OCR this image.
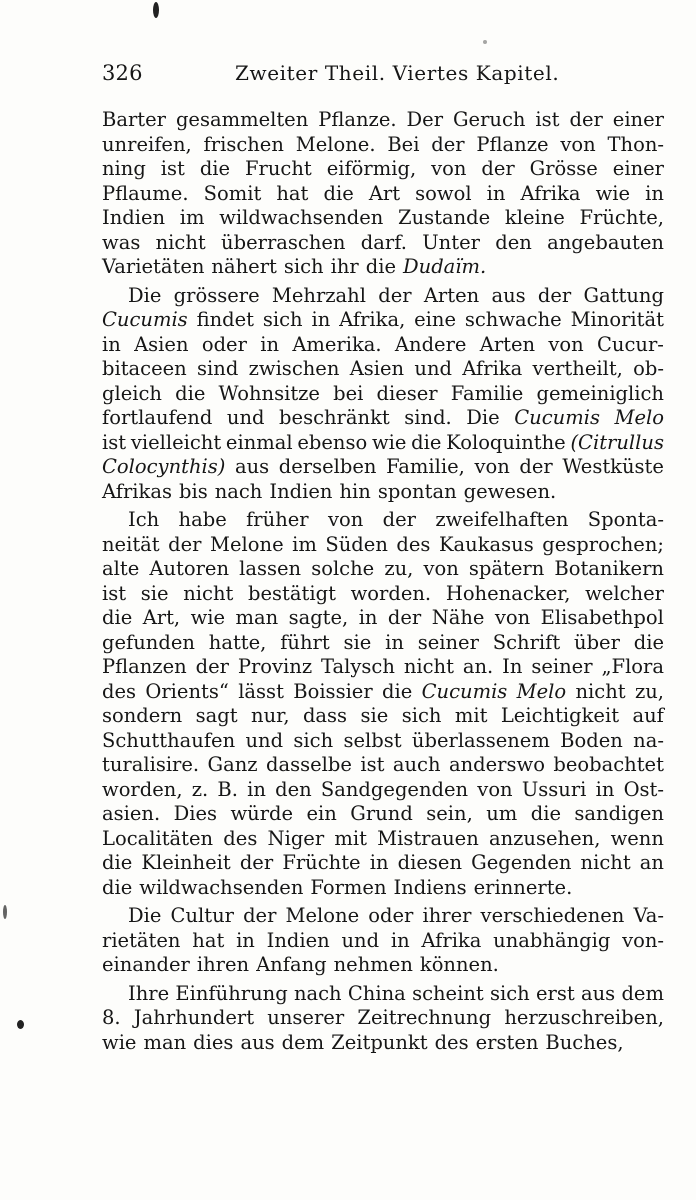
326	Zweiter Theil. Viertes Kapitel.
Barter gesammelten Pflanze. Der Geruch ist der einer
unreifen, frischen Melone. Bei der Pflanze von Thon-
ning ist die Frucht eiförmig, von der Grösse einer
Pflaume. Somit hat die Art sowol in Afrika wie in
Indien im wildwachsenden Zustande kleine Früchte,
was nicht überraschen darf. Unter den angebauten
Varietäten nähert sich ihr die Dudaïm.
Die grössere Mehrzahl der Arten aus der Gattung
Cucumis findet sich in Afrika, eine schwache Minorität
in Asien oder in Amerika. Andere Arten von Cucur-
bitaceen sind zwischen Asien und Afrika vertheilt, ob-
gleich die Wohnsitze bei dieser Familie gemeiniglich
fortlaufend und beschränkt sind. Die Cucumis Melo
ist vielleicht einmal ebenso wie die Koloquinthe (Citrullus
Colocynthis) aus derselben Familie, von der Westküste
Afrikas bis nach Indien hin spontan gewesen.
Ich habe früher von der zweifelhaften Sponta-
neität der Melone im Süden des Kaukasus gesprochen;
alte Autoren lassen solche zu, von spätern Botanikern
ist sie nicht bestätigt worden. Hohenacker, welcher
die Art, wie man sagte, in der Nähe von Elisabethpol
gefunden hatte, führt sie in seiner Schrift über die
Pflanzen der Provinz Talysch nicht an. In seiner „Flora
des Orients“ lässt Boissier die Cucumis Melo nicht zu,
sondern sagt nur, dass sie sich mit Leichtigkeit auf
Schutthaufen und sich selbst überlassenem Boden na-
turalisire. Ganz dasselbe ist auch anderswo beobachtet
worden, z. B. in den Sandgegenden von Ussuri in Ost-
asien. Dies würde ein Grund sein, um die sandigen
Localitäten des Niger mit Mistrauen anzusehen, wenn
die Kleinheit der Früchte in diesen Gegenden nicht an
die wildwachsenden Formen Indiens erinnerte.
Die Cultur der Melone oder ihrer verschiedenen Va-
rietäten hat in Indien und in Afrika unabhängig von-
einander ihren Anfang nehmen können.
Ihre Einführung nach China scheint sich erst aus dem
8. Jahrhundert unserer Zeitrechnung herzuschreiben,
wie man dies aus dem Zeitpunkt des ersten Buches,
